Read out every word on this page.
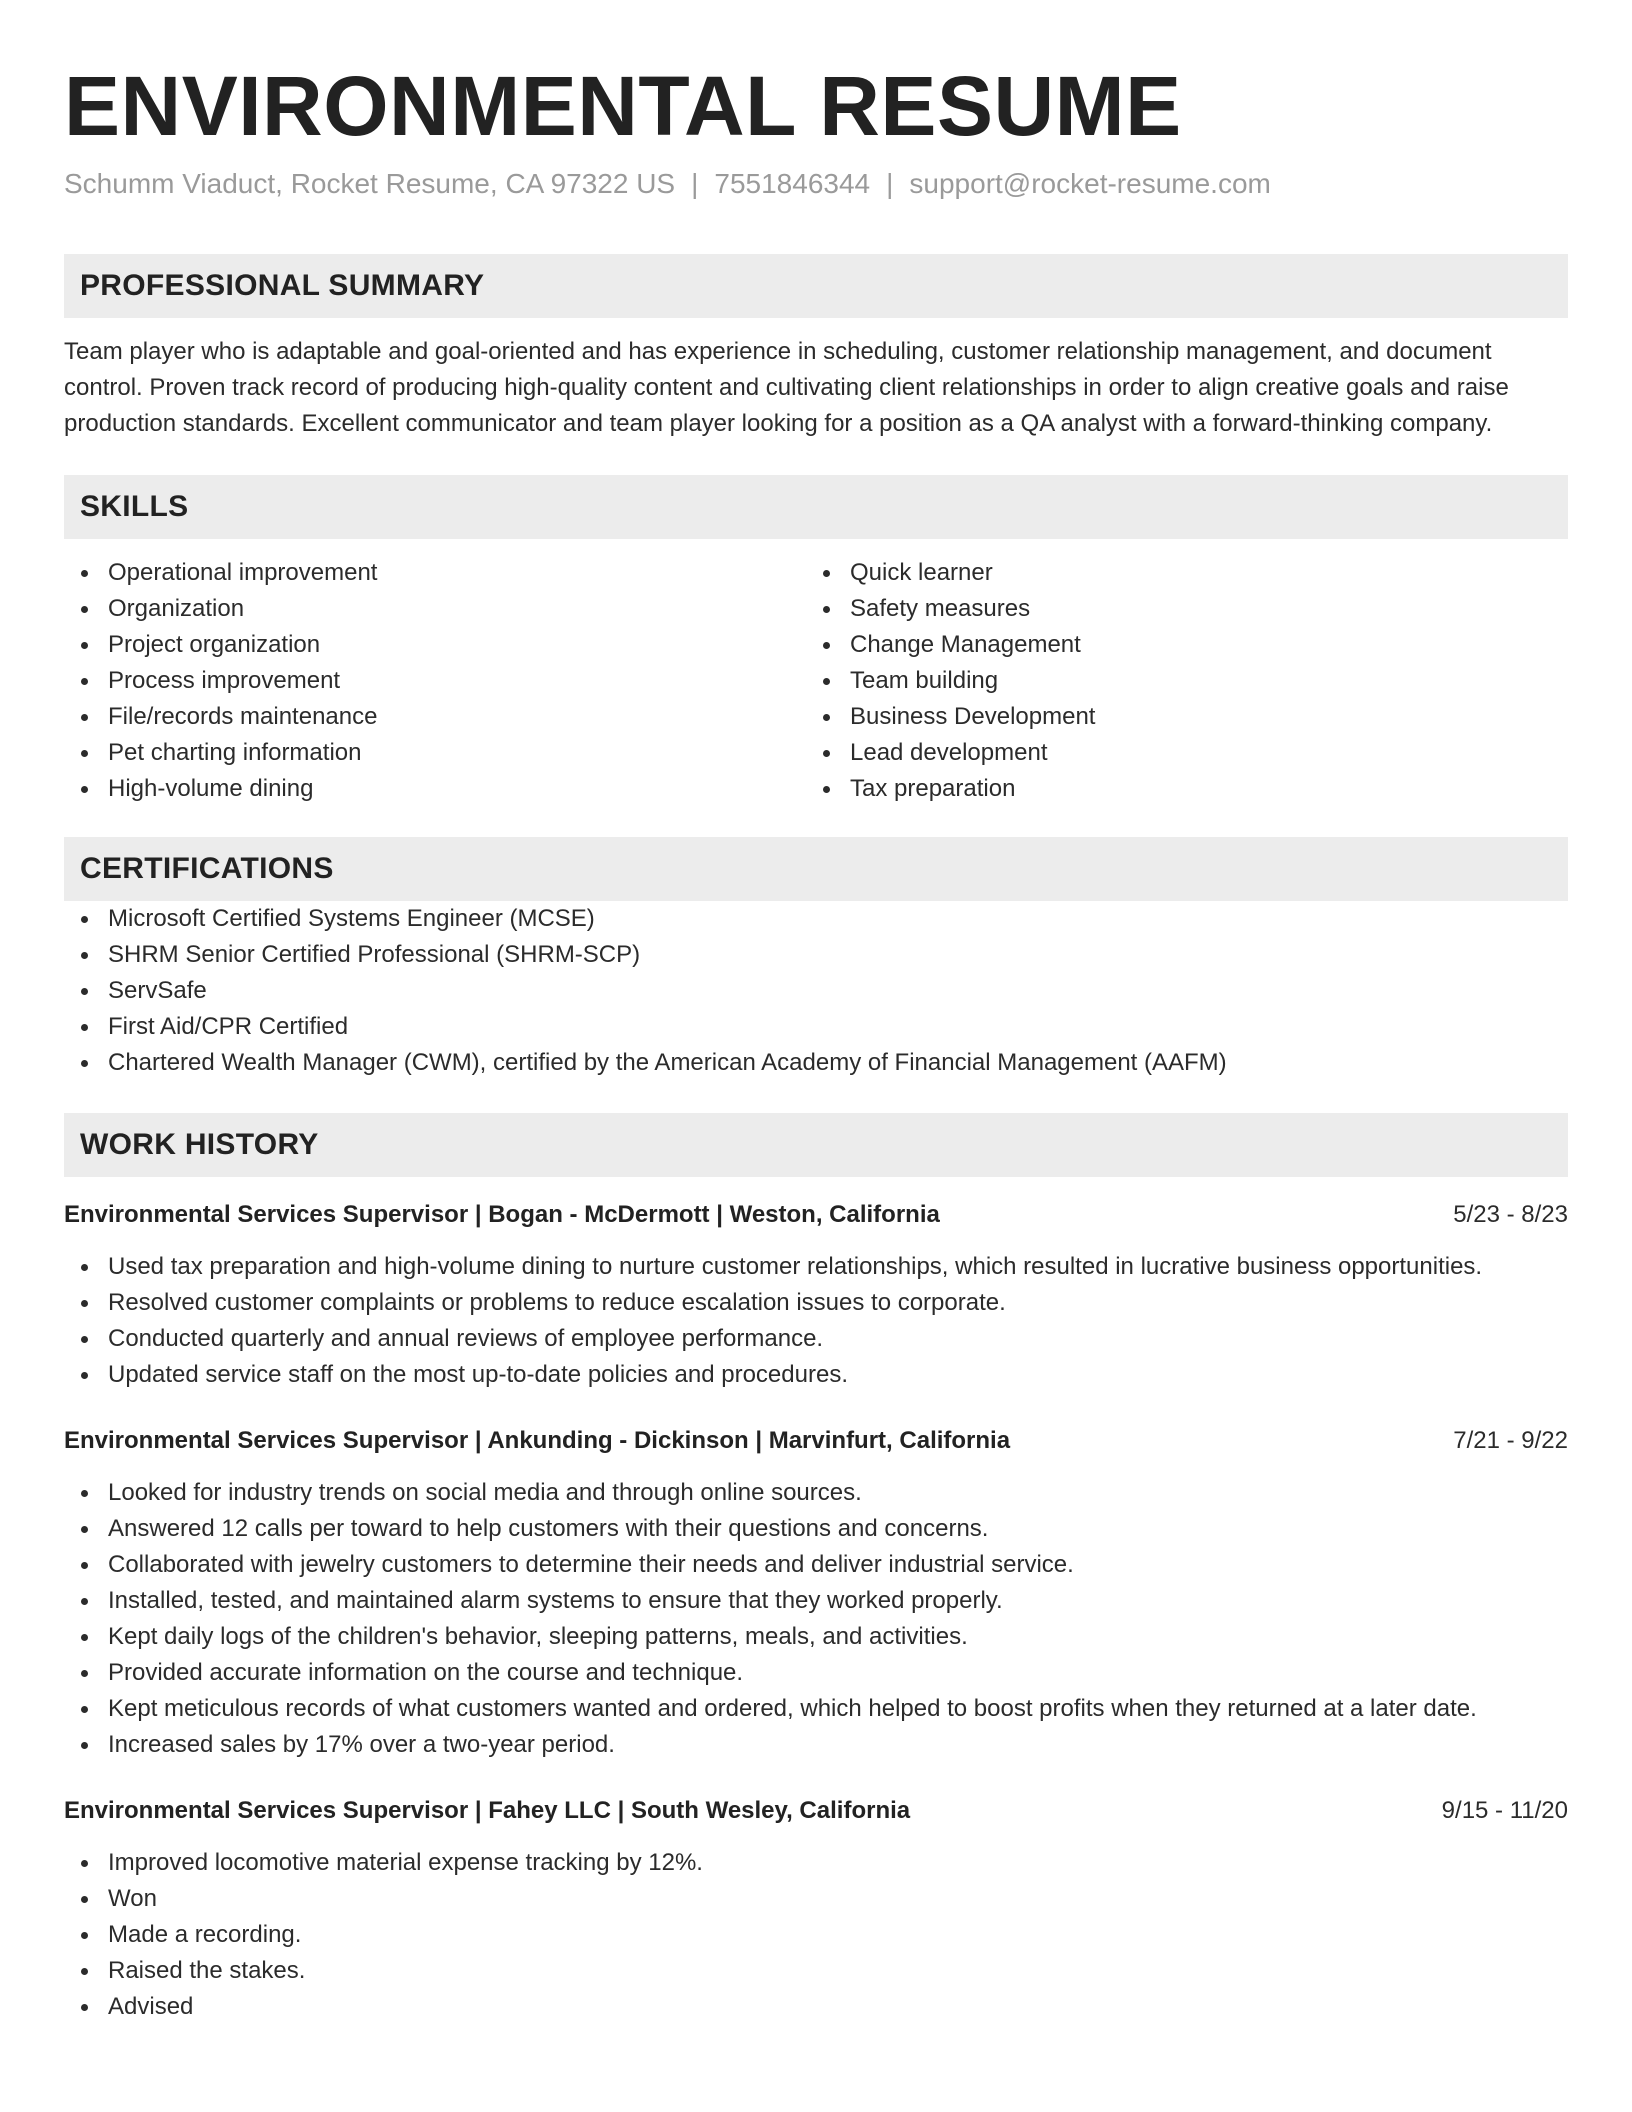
ENVIRONMENTAL RESUME
Schumm Viaduct, Rocket Resume, CA 97322 US | 7551846344 | support@rocket-resume.com
PROFESSIONAL SUMMARY
Team player who is adaptable and goal-oriented and has experience in scheduling, customer relationship management, and document control. Proven track record of producing high-quality content and cultivating client relationships in order to align creative goals and raise production standards. Excellent communicator and team player looking for a position as a QA analyst with a forward-thinking company.
SKILLS
Operational improvement
Organization
Project organization
Process improvement
File/records maintenance
Pet charting information
High-volume dining
Quick learner
Safety measures
Change Management
Team building
Business Development
Lead development
Tax preparation
CERTIFICATIONS
Microsoft Certified Systems Engineer (MCSE)
SHRM Senior Certified Professional (SHRM-SCP)
ServSafe
First Aid/CPR Certified
Chartered Wealth Manager (CWM), certified by the American Academy of Financial Management (AAFM)
WORK HISTORY
Environmental Services Supervisor | Bogan - McDermott | Weston, California	5/23 - 8/23
Used tax preparation and high-volume dining to nurture customer relationships, which resulted in lucrative business opportunities.
Resolved customer complaints or problems to reduce escalation issues to corporate.
Conducted quarterly and annual reviews of employee performance.
Updated service staff on the most up-to-date policies and procedures.
Environmental Services Supervisor | Ankunding - Dickinson | Marvinfurt, California	7/21 - 9/22
Looked for industry trends on social media and through online sources.
Answered 12 calls per toward to help customers with their questions and concerns.
Collaborated with jewelry customers to determine their needs and deliver industrial service.
Installed, tested, and maintained alarm systems to ensure that they worked properly.
Kept daily logs of the children's behavior, sleeping patterns, meals, and activities.
Provided accurate information on the course and technique.
Kept meticulous records of what customers wanted and ordered, which helped to boost profits when they returned at a later date.
Increased sales by 17% over a two-year period.
Environmental Services Supervisor | Fahey LLC | South Wesley, California	9/15 - 11/20
Improved locomotive material expense tracking by 12%.
Won
Made a recording.
Raised the stakes.
Advised
